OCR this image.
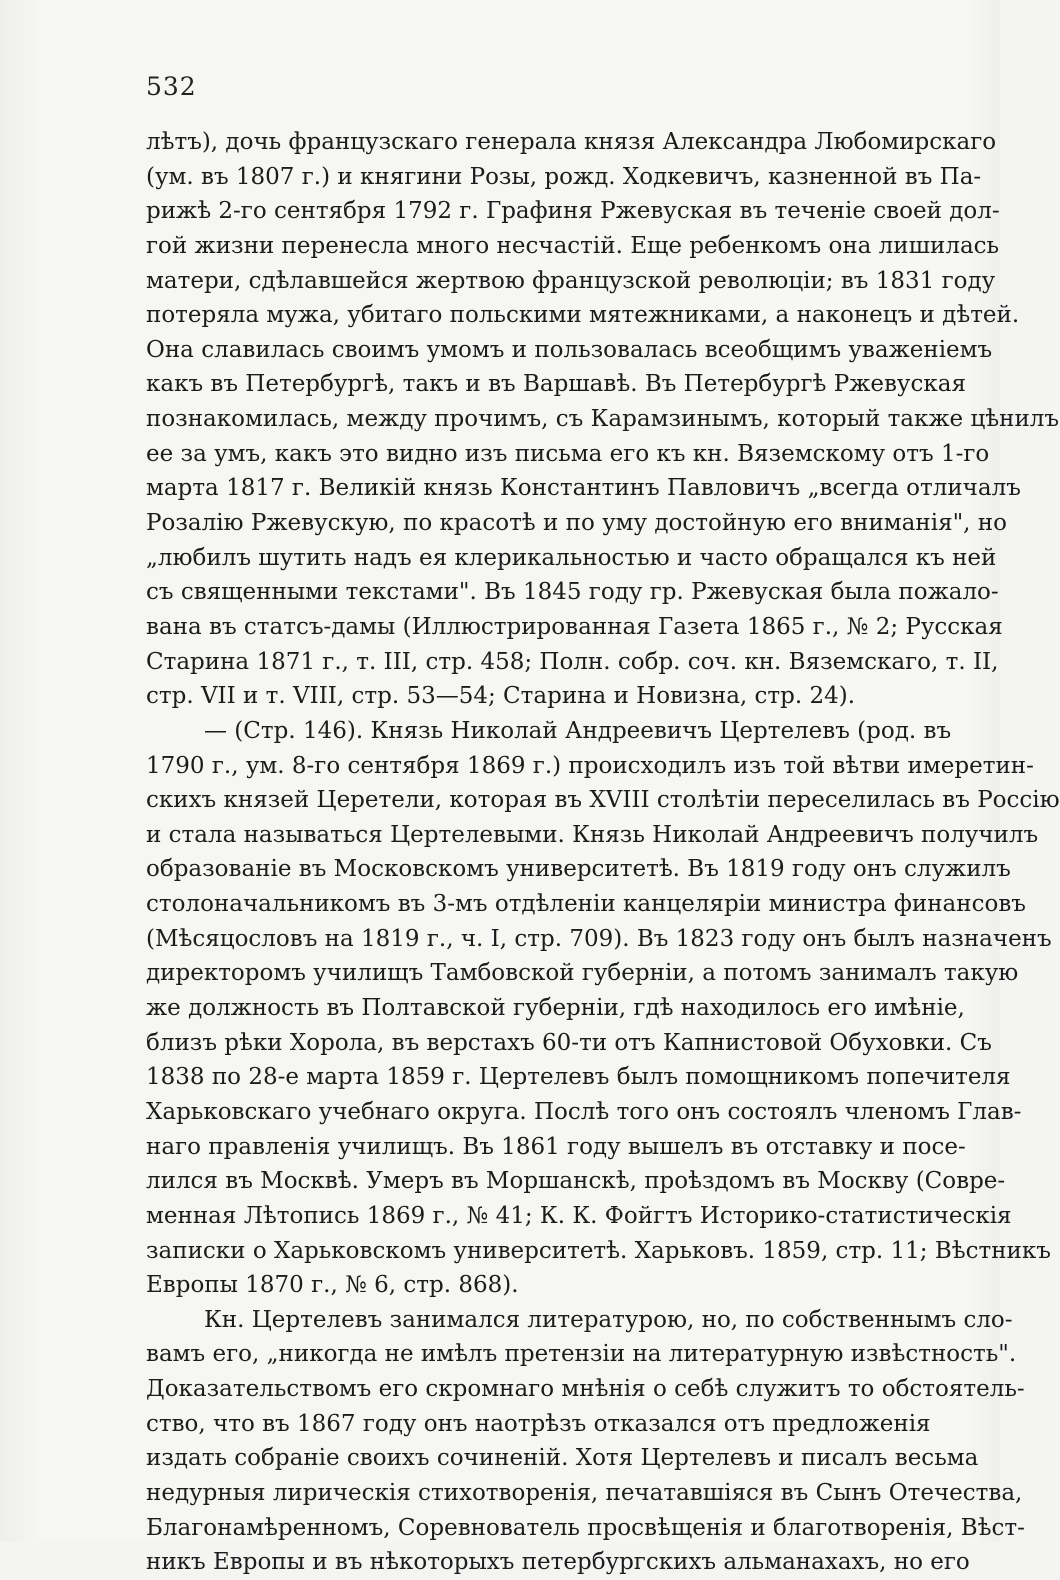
532
лѣтъ), дочь французскаго генерала князя Александра Любомирскаго
(ум. въ 1807 г.) и княгини Розы, рожд. Ходкевичъ, казненной въ Па-
рижѣ 2-го сентября 1792 г. Графиня Ржевуская въ теченіе своей дол-
гой жизни перенесла много несчастій. Еще ребенкомъ она лишилась
матери, сдѣлавшейся жертвою французской революціи; въ 1831 году
потеряла мужа, убитаго польскими мятежниками, а наконецъ и дѣтей.
Она славилась своимъ умомъ и пользовалась всеобщимъ уваженіемъ
какъ въ Петербургѣ, такъ и въ Варшавѣ. Въ Петербургѣ Ржевуская
познакомилась, между прочимъ, съ Карамзинымъ, который также цѣнилъ
ее за умъ, какъ это видно изъ письма его къ кн. Вяземскому отъ 1-го
марта 1817 г. Великій князь Константинъ Павловичъ „всегда отличалъ
Розалію Ржевускую, по красотѣ и по уму достойную его вниманія", но
„любилъ шутить надъ ея клерикальностью и часто обращался къ ней
съ священными текстами". Въ 1845 году гр. Ржевуская была пожало-
вана въ статсъ-дамы (Иллюстрированная Газета 1865 г., № 2; Русская
Старина 1871 г., т. III, стр. 458; Полн. собр. соч. кн. Вяземскаго, т. II,
стр. VII и т. VIII, стр. 53—54; Старина и Новизна, стр. 24).
— (Стр. 146). Князь Николай Андреевичъ Цертелевъ (род. въ
1790 г., ум. 8-го сентября 1869 г.) происходилъ изъ той вѣтви имеретин-
скихъ князей Церетели, которая въ XVIII столѣтіи переселилась въ Россію
и стала называться Цертелевыми. Князь Николай Андреевичъ получилъ
образованіе въ Московскомъ университетѣ. Въ 1819 году онъ служилъ
столоначальникомъ въ 3-мъ отдѣленіи канцеляріи министра финансовъ
(Мѣсяцословъ на 1819 г., ч. I, стр. 709). Въ 1823 году онъ былъ назначенъ
директоромъ училищъ Тамбовской губерніи, а потомъ занималъ такую
же должность въ Полтавской губерніи, гдѣ находилось его имѣніе,
близъ рѣки Хорола, въ верстахъ 60-ти отъ Капнистовой Обуховки. Съ
1838 по 28-е марта 1859 г. Цертелевъ былъ помощникомъ попечителя
Харьковскаго учебнаго округа. Послѣ того онъ состоялъ членомъ Глав-
наго правленія училищъ. Въ 1861 году вышелъ въ отставку и посе-
лился въ Москвѣ. Умеръ въ Моршанскѣ, проѣздомъ въ Москву (Совре-
менная Лѣтопись 1869 г., № 41; К. К. Фойгтъ Историко-статистическія
записки о Харьковскомъ университетѣ. Харьковъ. 1859, стр. 11; Вѣстникъ
Европы 1870 г., № 6, стр. 868).
Кн. Цертелевъ занимался литературою, но, по собственнымъ сло-
вамъ его, „никогда не имѣлъ претензіи на литературную извѣстность".
Доказательствомъ его скромнаго мнѣнія о себѣ служитъ то обстоятель-
ство, что въ 1867 году онъ наотрѣзъ отказался отъ предложенія
издать собраніе своихъ сочиненій. Хотя Цертелевъ и писалъ весьма
недурныя лирическія стихотворенія, печатавшіяся въ Сынъ Отечества,
Благонамѣренномъ, Соревнователь просвѣщенія и благотворенія, Вѣст-
никъ Европы и въ нѣкоторыхъ петербургскихъ альманахахъ, но его
